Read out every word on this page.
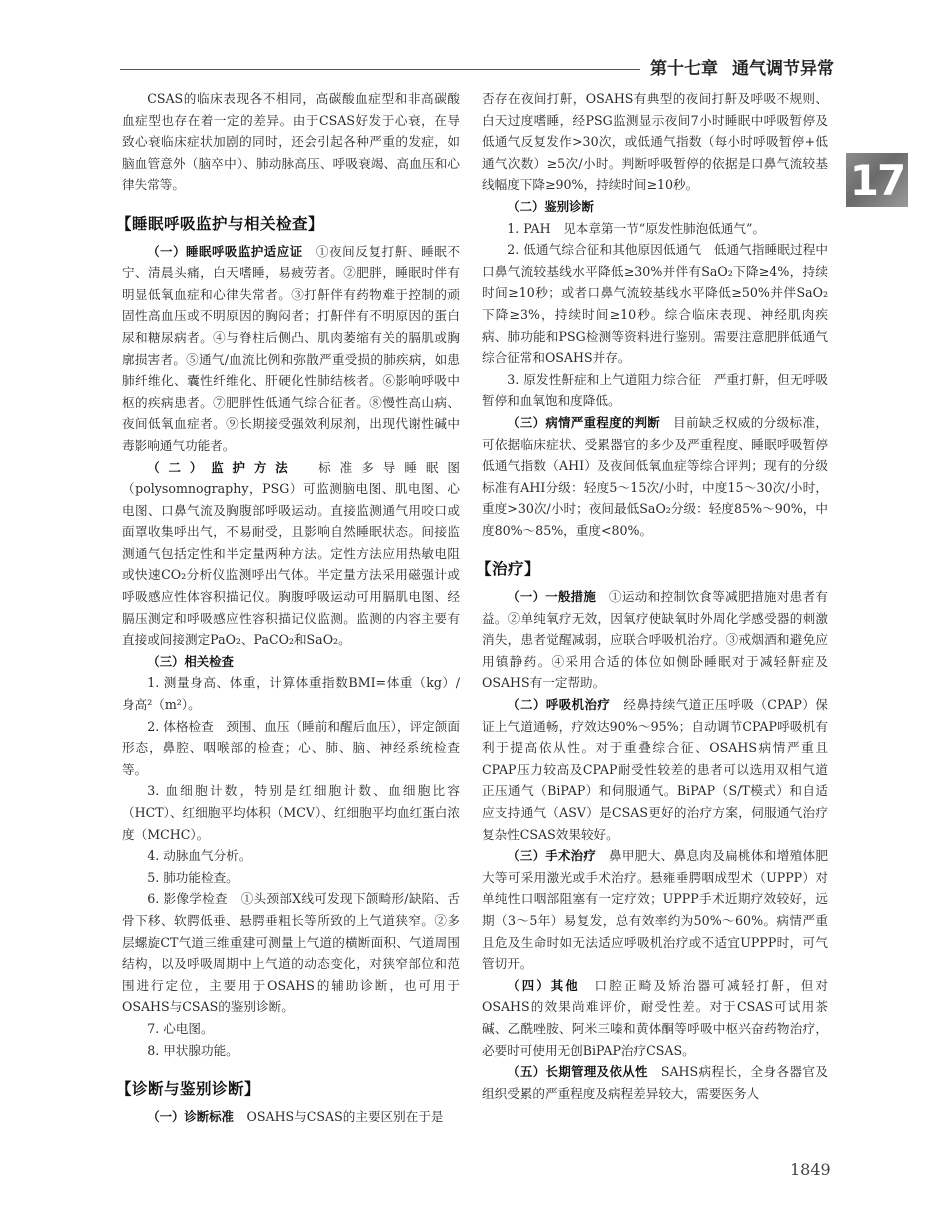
第十七章 通气调节异常
17

CSAS的临床表现各不相同，高碳酸血症型和非高碳酸血症型也存在着一定的差异。由于CSAS好发于心衰，在导致心衰临床症状加剧的同时，还会引起各种严重的发症，如脑血管意外（脑卒中）、肺动脉高压、呼吸衰竭、高血压和心律失常等。

【睡眠呼吸监护与相关检查】

（一）睡眠呼吸监护适应证　 ①夜间反复打鼾、睡眠不宁、清晨头痛，白天嗜睡，易疲劳者。②肥胖，睡眠时伴有明显低氧血症和心律失常者。③打鼾伴有药物难于控制的顽固性高血压或不明原因的胸闷者；打鼾伴有不明原因的蛋白尿和糖尿病者。④与脊柱后侧凸、肌肉萎缩有关的膈肌或胸廓损害者。⑤通气/血流比例和弥散严重受损的肺疾病，如患肺纤维化、囊性纤维化、肝硬化性肺结核者。⑥影响呼吸中枢的疾病患者。⑦肥胖性低通气综合征者。⑧慢性高山病、夜间低氧血症者。⑨长期接受强效利尿剂，出现代谢性碱中毒影响通气功能者。

（二）监护方法　 标准多导睡眠图（polysomnography，PSG）可监测脑电图、肌电图、心电图、口鼻气流及胸腹部呼吸运动。直接监测通气用咬口或面罩收集呼出气，不易耐受，且影响自然睡眠状态。间接监测通气包括定性和半定量两种方法。定性方法应用热敏电阻或快速CO₂分析仪监测呼出气体。半定量方法采用磁强计或呼吸感应性体容积描记仪。胸腹呼吸运动可用膈肌电图、经膈压测定和呼吸感应性容积描记仪监测。监测的内容主要有直接或间接测定PaO₂、PaCO₂和SaO₂。

（三）相关检查

1. 测量身高、体重，计算体重指数BMI=体重（kg）/身高²（m²）。

2. 体格检查　 颈围、血压（睡前和醒后血压），评定颌面形态，鼻腔、咽喉部的检查；心、肺、脑、神经系统检查等。

3. 血细胞计数，特别是红细胞计数、血细胞比容（HCT）、红细胞平均体积（MCV）、红细胞平均血红蛋白浓度（MCHC）。

4. 动脉血气分析。

5. 肺功能检查。

6. 影像学检查　 ①头颈部X线可发现下颌畸形/缺陷、舌骨下移、软腭低垂、悬腭垂粗长等所致的上气道狭窄。②多层螺旋CT气道三维重建可测量上气道的横断面积、气道周围结构，以及呼吸周期中上气道的动态变化，对狭窄部位和范围进行定位，主要用于OSAHS的辅助诊断，也可用于OSAHS与CSAS的鉴别诊断。

7. 心电图。

8. 甲状腺功能。

【诊断与鉴别诊断】

（一）诊断标准　 OSAHS与CSAS的主要区别在于是

否存在夜间打鼾，OSAHS有典型的夜间打鼾及呼吸不规则、白天过度嗜睡，经PSG监测显示夜间7小时睡眠中呼吸暂停及低通气反复发作>30次，或低通气指数（每小时呼吸暂停+低通气次数）≥5次/小时。判断呼吸暂停的依据是口鼻气流较基线幅度下降≥90%，持续时间≥10秒。

（二）鉴别诊断

1. PAH　见本章第一节“原发性肺泡低通气”。

2. 低通气综合征和其他原因低通气　 低通气指睡眠过程中口鼻气流较基线水平降低≥30%并伴有SaO₂下降≥4%，持续时间≥10秒；或者口鼻气流较基线水平降低≥50%并伴SaO₂下降≥3%，持续时间≥10秒。综合临床表现、神经肌肉疾病、肺功能和PSG检测等资料进行鉴别。需要注意肥胖低通气综合征常和OSAHS并存。

3. 原发性鼾症和上气道阻力综合征　 严重打鼾，但无呼吸暂停和血氧饱和度降低。

（三）病情严重程度的判断　 目前缺乏权威的分级标准，可依据临床症状、受累器官的多少及严重程度、睡眠呼吸暂停低通气指数（AHI）及夜间低氧血症等综合评判；现有的分级标准有AHI分级：轻度5～15次/小时，中度15～30次/小时，重度>30次/小时；夜间最低SaO₂分级：轻度85%～90%，中度80%～85%，重度<80%。

【治疗】

（一）一般措施　 ①运动和控制饮食等减肥措施对患者有益。②单纯氧疗无效，因氧疗使缺氧时外周化学感受器的刺激消失，患者觉醒减弱，应联合呼吸机治疗。③戒烟酒和避免应用镇静药。④采用合适的体位如侧卧睡眠对于减轻鼾症及OSAHS有一定帮助。

（二）呼吸机治疗　 经鼻持续气道正压呼吸（CPAP）保证上气道通畅，疗效达90%～95%；自动调节CPAP呼吸机有利于提高依从性。对于重叠综合征、OSAHS病情严重且CPAP压力较高及CPAP耐受性较差的患者可以选用双相气道正压通气（BiPAP）和伺服通气。BiPAP（S/T模式）和自适应支持通气（ASV）是CSAS更好的治疗方案，伺服通气治疗复杂性CSAS效果较好。

（三）手术治疗　 鼻甲肥大、鼻息肉及扁桃体和增殖体肥大等可采用激光或手术治疗。悬雍垂腭咽成型术（UPPP）对单纯性口咽部阻塞有一定疗效；UPPP手术近期疗效较好，远期（3～5年）易复发，总有效率约为50%～60%。病情严重且危及生命时如无法适应呼吸机治疗或不适宜UPPP时，可气管切开。

（四）其他　 口腔正畸及矫治器可减轻打鼾，但对OSAHS的效果尚难评价，耐受性差。对于CSAS可试用茶碱、乙酰唑胺、阿米三嗪和黄体酮等呼吸中枢兴奋药物治疗，必要时可使用无创BiPAP治疗CSAS。

（五）长期管理及依从性　 SAHS病程长，全身各器官及组织受累的严重程度及病程差异较大，需要医务人

1849
